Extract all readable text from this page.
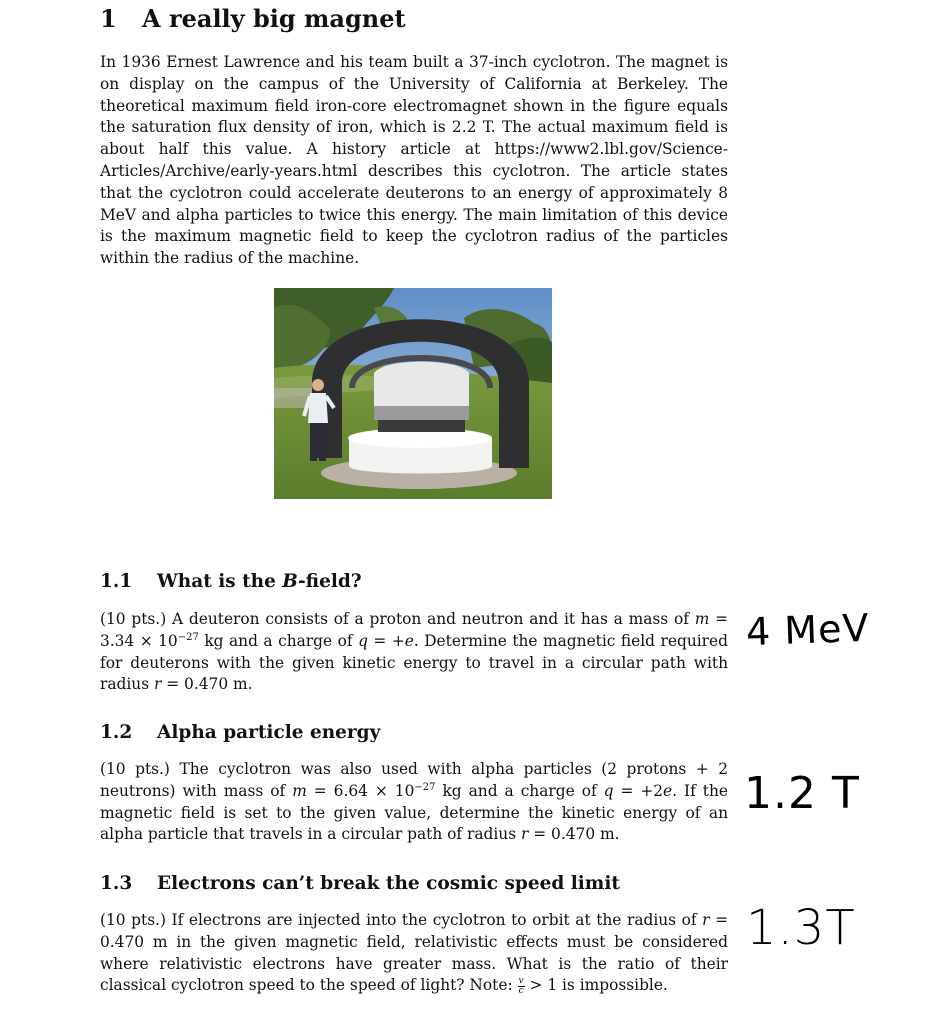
1 A really big magnet

In 1936 Ernest Lawrence and his team built a 37-inch cyclotron. The magnet is on display on the campus of the University of California at Berkeley. The theoretical maximum field iron-core electromagnet shown in the figure equals the saturation flux density of iron, which is 2.2 T. The actual maximum field is about half this value. A history article at https://www2.lbl.gov/Science-Articles/Archive/early-years.html describes this cyclotron. The article states that the cyclotron could accelerate deuterons to an energy of approximately 8 MeV and alpha particles to twice this energy. The main limitation of this device is the maximum magnetic field to keep the cyclotron radius of the particles within the radius of the machine.

1.1 What is the B-field?

(10 pts.) A deuteron consists of a proton and neutron and it has a mass of $m = 3.34 \times 10^{-27}$ kg and a charge of q = +e. Determine the magnetic field required for deuterons with the given kinetic energy to travel in a circular path with radius r = 0.470 m.

1.2 Alpha particle energy

(10 pts.) The cyclotron was also used with alpha particles (2 protons + 2 neutrons) with mass of $m = 6.64 \times 10^{-27}$ kg and a charge of q = +2e. If the magnetic field is set to the given value, determine the kinetic energy of an alpha particle that travels in a circular path of radius r = 0.470 m.

1.3 Electrons can’t break the cosmic speed limit

(10 pts.) If electrons are injected into the cyclotron to orbit at the radius of r = 0.470 m in the given magnetic field, relativistic effects must be considered where relativistic electrons have greater mass. What is the ratio of their classical cyclotron speed to the speed of light? Note: $\frac{v}{c} > 1$ is impossible.

4 MeV
1.2 T
1.3T
